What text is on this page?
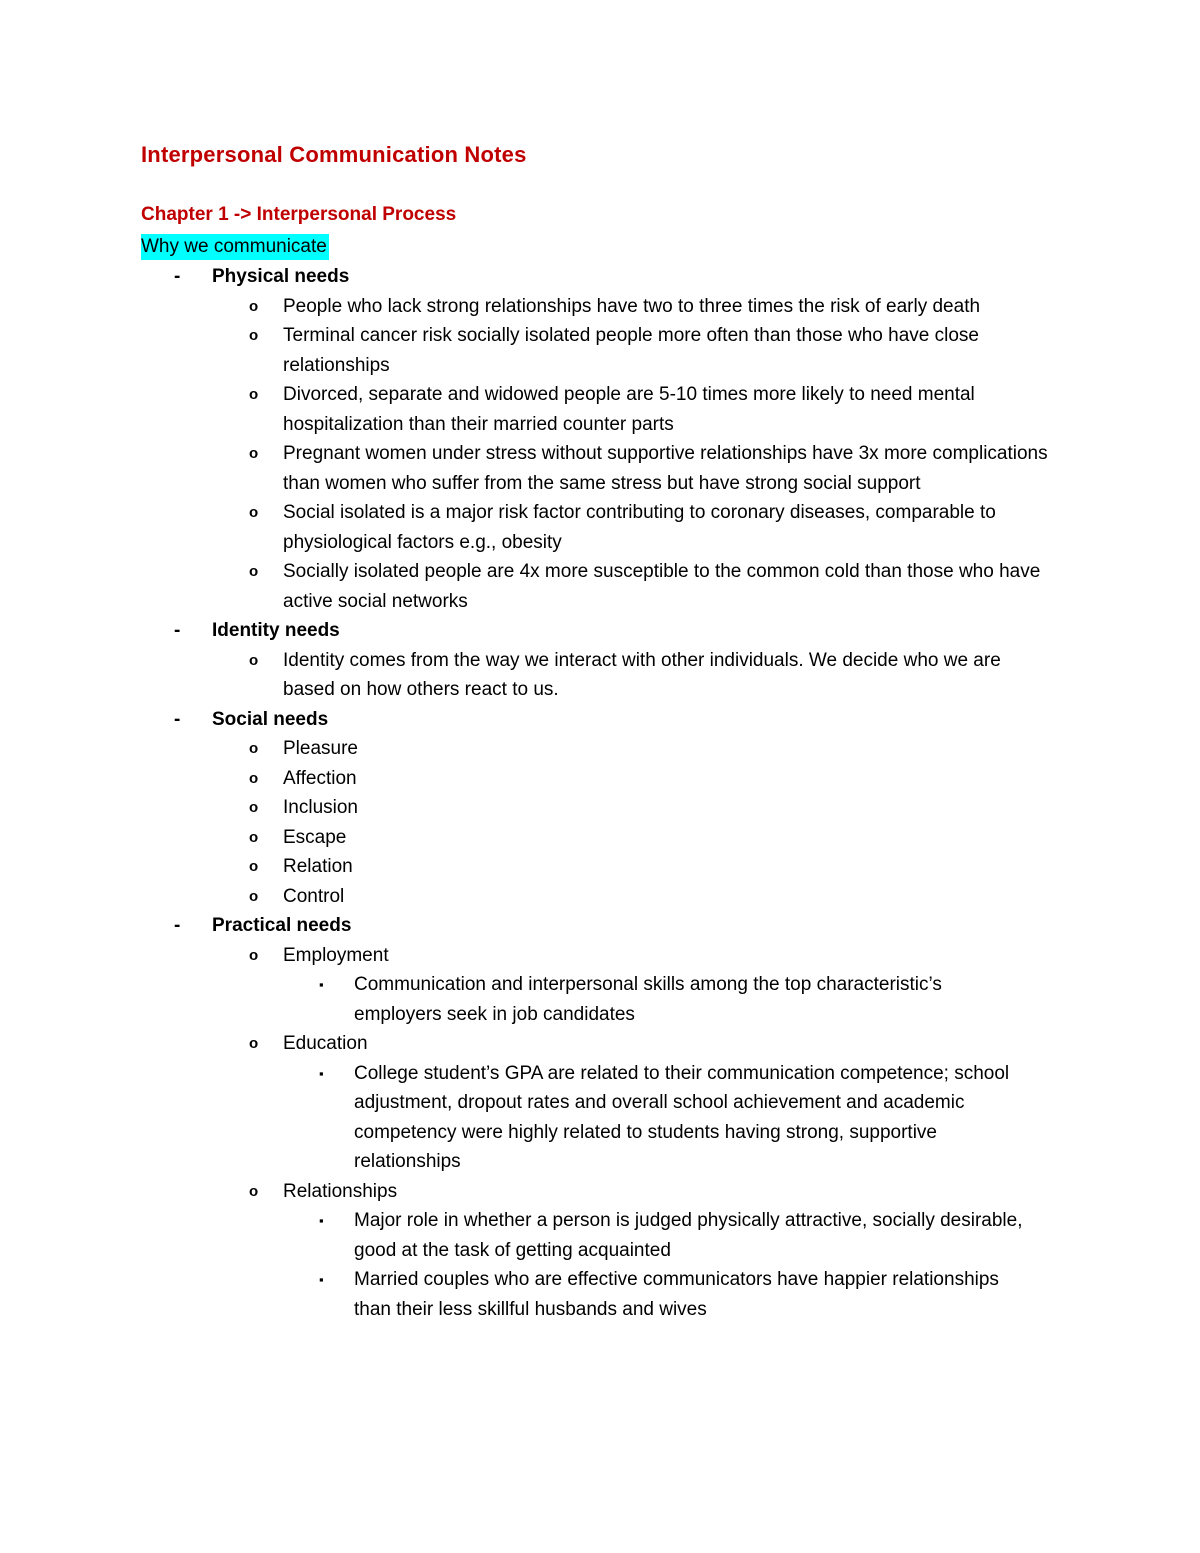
Interpersonal Communication Notes
Chapter 1 -> Interpersonal Process
Why we communicate
- Physical needs
o People who lack strong relationships have two to three times the risk of early death
o Terminal cancer risk socially isolated people more often than those who have close relationships
o Divorced, separate and widowed people are 5-10 times more likely to need mental hospitalization than their married counter parts
o Pregnant women under stress without supportive relationships have 3x more complications than women who suffer from the same stress but have strong social support
o Social isolated is a major risk factor contributing to coronary diseases, comparable to physiological factors e.g., obesity
o Socially isolated people are 4x more susceptible to the common cold than those who have active social networks
- Identity needs
o Identity comes from the way we interact with other individuals. We decide who we are based on how others react to us.
- Social needs
o Pleasure
o Affection
o Inclusion
o Escape
o Relation
o Control
- Practical needs
o Employment
▪ Communication and interpersonal skills among the top characteristic’s employers seek in job candidates
o Education
▪ College student’s GPA are related to their communication competence; school adjustment, dropout rates and overall school achievement and academic competency were highly related to students having strong, supportive relationships
o Relationships
▪ Major role in whether a person is judged physically attractive, socially desirable, good at the task of getting acquainted
▪ Married couples who are effective communicators have happier relationships than their less skillful husbands and wives
